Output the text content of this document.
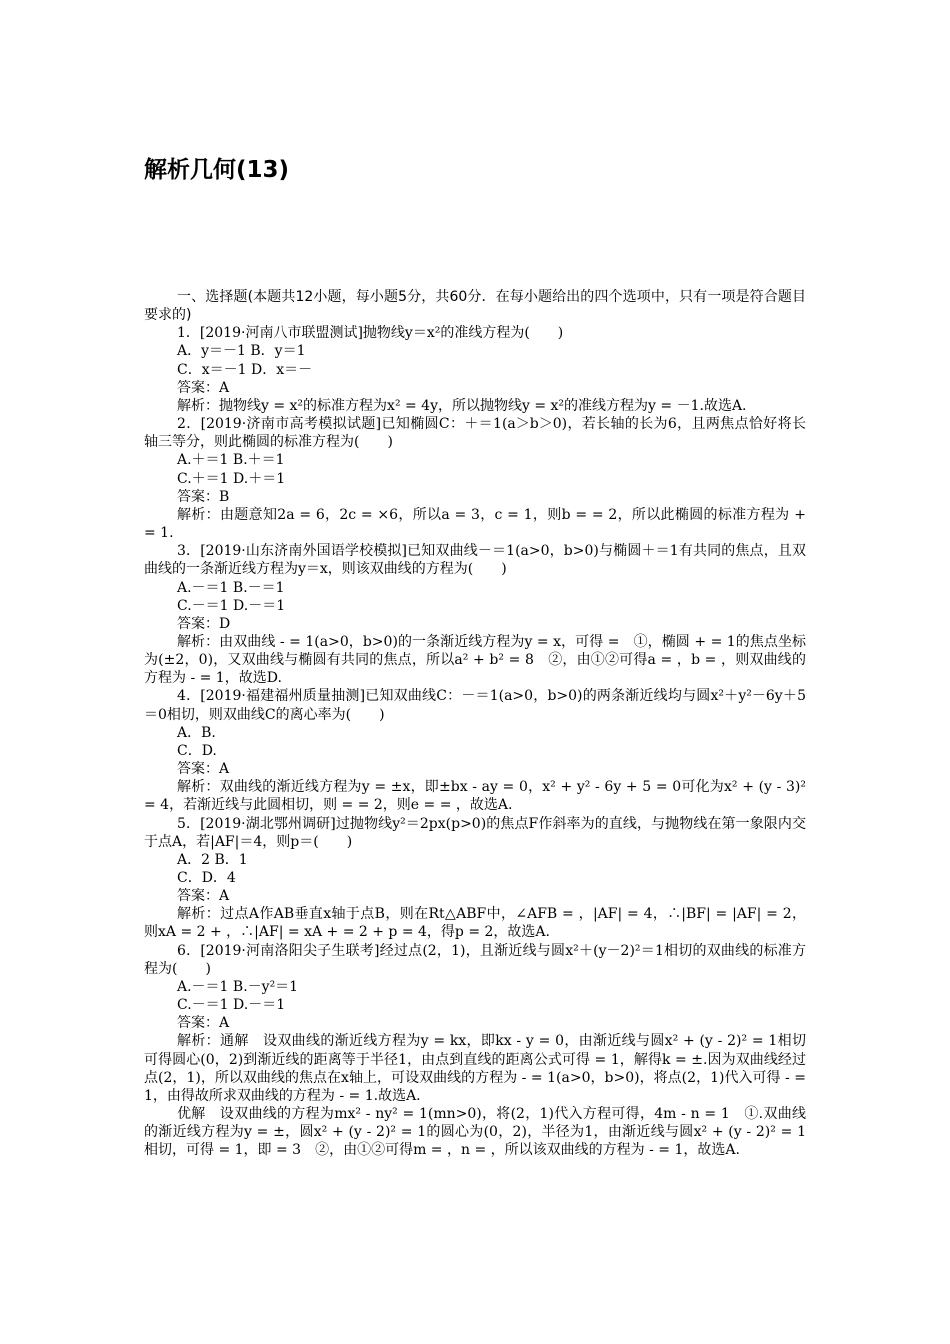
解析几何(13)

一、选择题(本题共12小题，每小题5分，共60分．在每小题给出的四个选项中，只有一项是符合题目要求的)

1．[2019·河南八市联盟测试]抛物线y＝x²的准线方程为(　　)

A．y＝－1 B．y＝1

C．x＝－1 D．x＝－

答案：A

解析：抛物线y = x²的标准方程为x² = 4y，所以抛物线y = x²的准线方程为y = －1.故选A.

2．[2019·济南市高考模拟试题]已知椭圆C：＋＝1(a＞b＞0)，若长轴的长为6，且两焦点恰好将长轴三等分，则此椭圆的标准方程为(　　)

A.＋＝1 B.＋＝1

C.＋＝1 D.＋＝1

答案：B

解析：由题意知2a = 6，2c = ×6，所以a = 3，c = 1，则b = = 2，所以此椭圆的标准方程为 + = 1.

3．[2019·山东济南外国语学校模拟]已知双曲线－＝1(a>0，b>0)与椭圆＋＝1有共同的焦点，且双曲线的一条渐近线方程为y＝x，则该双曲线的方程为(　　)

A.－＝1 B.－＝1

C.－＝1 D.－＝1

答案：D

解析：由双曲线 - = 1(a>0，b>0)的一条渐近线方程为y = x，可得 =　①，椭圆 + = 1的焦点坐标为(±2，0)，又双曲线与椭圆有共同的焦点，所以a² + b² = 8　②，由①②可得a = ，b = ，则双曲线的方程为 - = 1，故选D.

4．[2019·福建福州质量抽测]已知双曲线C：－＝1(a>0，b>0)的两条渐近线均与圆x²＋y²－6y＋5＝0相切，则双曲线C的离心率为(　　)

A．B.

C．D.

答案：A

解析：双曲线的渐近线方程为y = ±x，即±bx - ay = 0，x² + y² - 6y + 5 = 0可化为x² + (y - 3)² = 4，若渐近线与此圆相切，则 = = 2，则e = = ，故选A.

5．[2019·湖北鄂州调研]过抛物线y²＝2px(p>0)的焦点F作斜率为的直线，与抛物线在第一象限内交于点A，若|AF|＝4，则p＝(　　)

A．2 B．1

C．D．4

答案：A

解析：过点A作AB垂直x轴于点B，则在Rt△ABF中，∠AFB = ，|AF| = 4，∴|BF| = |AF| = 2，则xA = 2 + ，∴|AF| = xA + = 2 + p = 4，得p = 2，故选A.

6．[2019·河南洛阳尖子生联考]经过点(2，1)，且渐近线与圆x²＋(y－2)²＝1相切的双曲线的标准方程为(　　)

A.－＝1 B.－y²＝1

C.－＝1 D.－＝1

答案：A

解析：通解　设双曲线的渐近线方程为y = kx，即kx - y = 0，由渐近线与圆x² + (y - 2)² = 1相切可得圆心(0，2)到渐近线的距离等于半径1，由点到直线的距离公式可得 = 1，解得k = ±.因为双曲线经过点(2，1)，所以双曲线的焦点在x轴上，可设双曲线的方程为 - = 1(a>0，b>0)，将点(2，1)代入可得 - = 1，由得故所求双曲线的方程为 - = 1.故选A.

优解　设双曲线的方程为mx² - ny² = 1(mn>0)，将(2，1)代入方程可得，4m - n = 1　①.双曲线的渐近线方程为y = ±，圆x² + (y - 2)² = 1的圆心为(0，2)，半径为1，由渐近线与圆x² + (y - 2)² = 1相切，可得 = 1，即 = 3　②，由①②可得m = ，n = ，所以该双曲线的方程为 - = 1，故选A.
